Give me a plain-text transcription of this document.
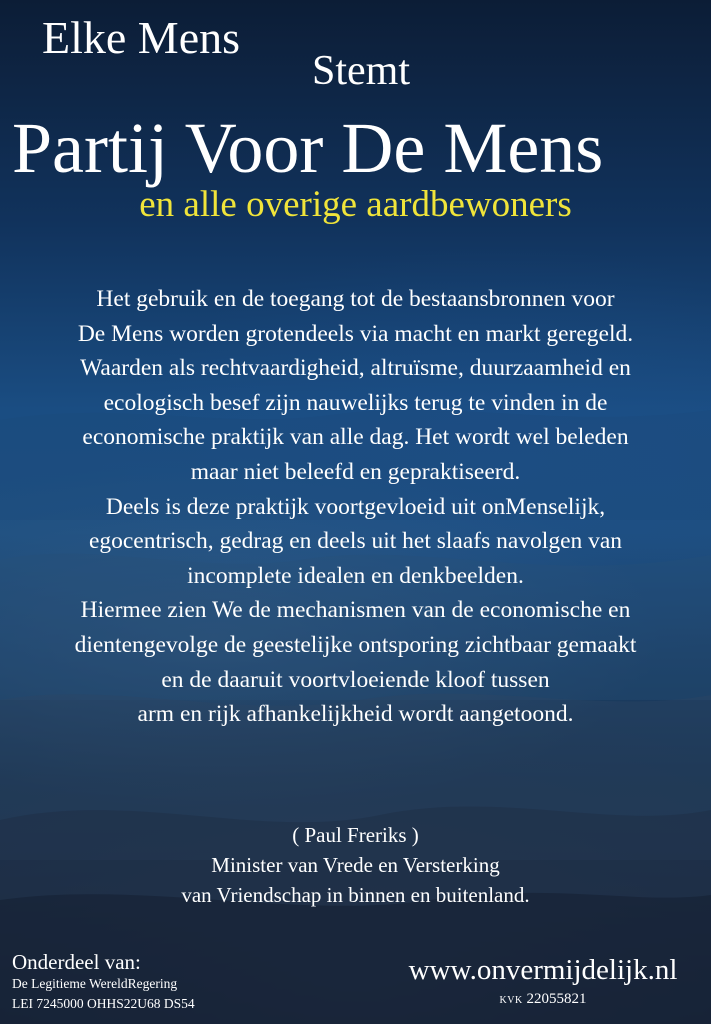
Elke Mens
Stemt
Partij Voor De Mens
en alle overige aardbewoners
Het gebruik en de toegang tot de bestaansbronnen voor
De Mens worden grotendeels via macht en markt geregeld.
Waarden als rechtvaardigheid, altruïsme, duurzaamheid en
ecologisch besef zijn nauwelijks terug te vinden in de
economische praktijk van alle dag. Het wordt wel beleden
maar niet beleefd en gepraktiseerd.
Deels is deze praktijk voortgevloeid uit onMenselijk,
egocentrisch, gedrag en deels uit het slaafs navolgen van
incomplete idealen en denkbeelden.
Hiermee zien We de mechanismen van de economische en
dientengevolge de geestelijke ontsporing zichtbaar gemaakt
en de daaruit voortvloeiende kloof tussen
arm en rijk afhankelijkheid wordt aangetoond.
( Paul Freriks )
Minister van Vrede en Versterking
van Vriendschap in binnen en buitenland.
Onderdeel van:
De Legitieme WereldRegering
LEI 7245000 OHHS22U68 DS54
www.onvermijdelijk.nl
KVK 22055821
